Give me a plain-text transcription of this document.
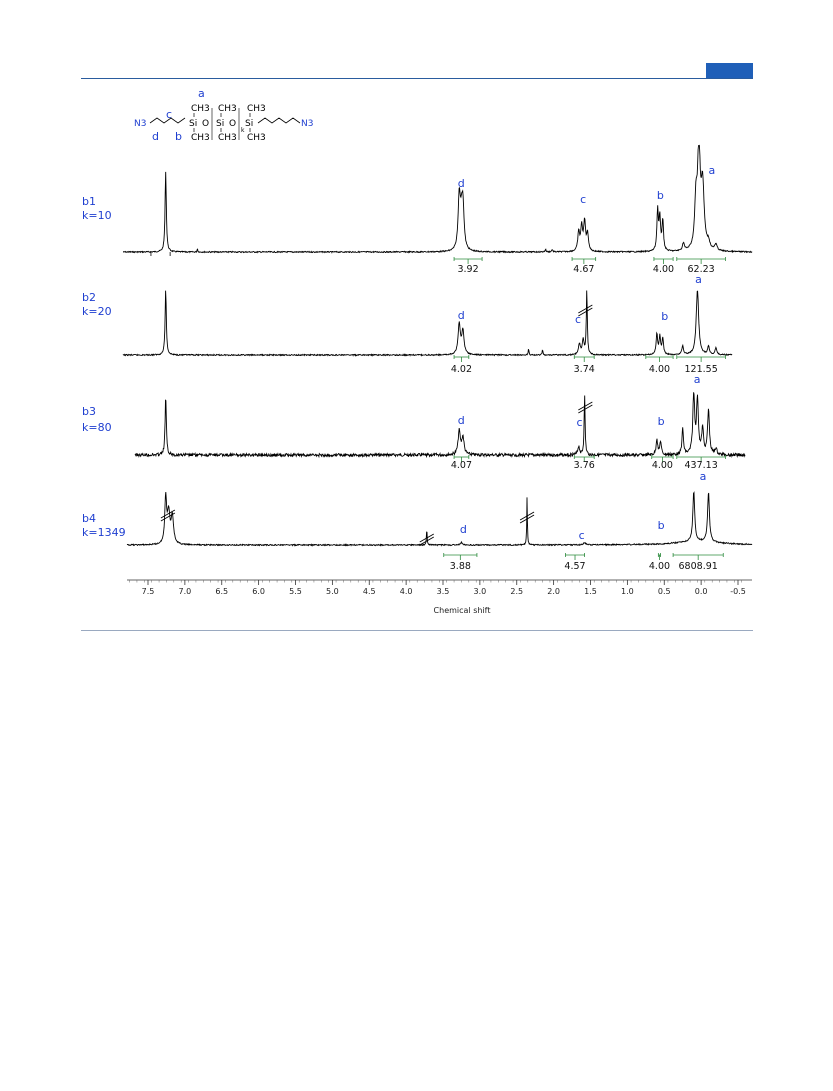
a
c
b
d
N3	N3
Si O Si O Si
CH3 CH3 CH3
CH3 CH3 CH3
k
b1
k=10
d
c	b
a
3.92	4.67	4.00 62.23
b2
k=20	d	c	b
a
4.02	3.74	4.00 121.55
b3
k=80
d	c	b
a
4.07	3.76	4.00 437.13
b4
k=1349	d	c
b
a
3.88	4.57	4.00 6808.91
Chemical shift
7.5	7.0	6.5	6.0	5.5	5.0	4.5	4.0	3.5	3.0	2.5	2.0	1.5	1.0	0.5	0.0	-0.5
